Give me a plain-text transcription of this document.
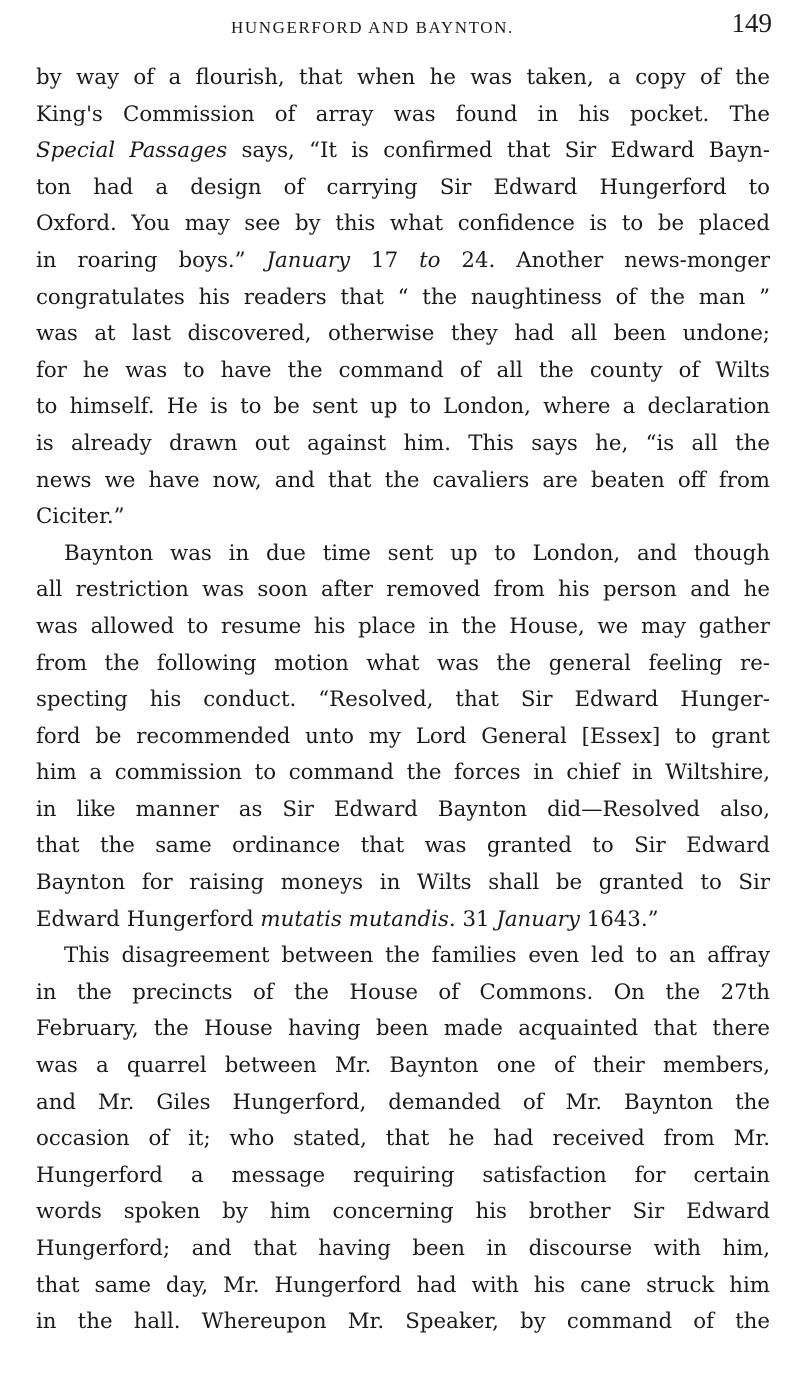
HUNGERFORD AND BAYNTON.	149
by way of a flourish, that when he was taken, a copy of the
King's Commission of array was found in his pocket. The
Special Passages says, “It is confirmed that Sir Edward Bayn-
ton had a design of carrying Sir Edward Hungerford to
Oxford. You may see by this what confidence is to be placed
in roaring boys.” January 17 to 24. Another news-monger
congratulates his readers that “ the naughtiness of the man ”
was at last discovered, otherwise they had all been undone;
for he was to have the command of all the county of Wilts
to himself. He is to be sent up to London, where a declaration
is already drawn out against him. This says he, “is all the
news we have now, and that the cavaliers are beaten off from
Ciciter.”
Baynton was in due time sent up to London, and though
all restriction was soon after removed from his person and he
was allowed to resume his place in the House, we may gather
from the following motion what was the general feeling re-
specting his conduct. “Resolved, that Sir Edward Hunger-
ford be recommended unto my Lord General [Essex] to grant
him a commission to command the forces in chief in Wiltshire,
in like manner as Sir Edward Baynton did—Resolved also,
that the same ordinance that was granted to Sir Edward
Baynton for raising moneys in Wilts shall be granted to Sir
Edward Hungerford mutatis mutandis. 31 January 1643.”
This disagreement between the families even led to an affray
in the precincts of the House of Commons. On the 27th
February, the House having been made acquainted that there
was a quarrel between Mr. Baynton one of their members,
and Mr. Giles Hungerford, demanded of Mr. Baynton the
occasion of it; who stated, that he had received from Mr.
Hungerford a message requiring satisfaction for certain
words spoken by him concerning his brother Sir Edward
Hungerford; and that having been in discourse with him,
that same day, Mr. Hungerford had with his cane struck him
in the hall. Whereupon Mr. Speaker, by command of the
